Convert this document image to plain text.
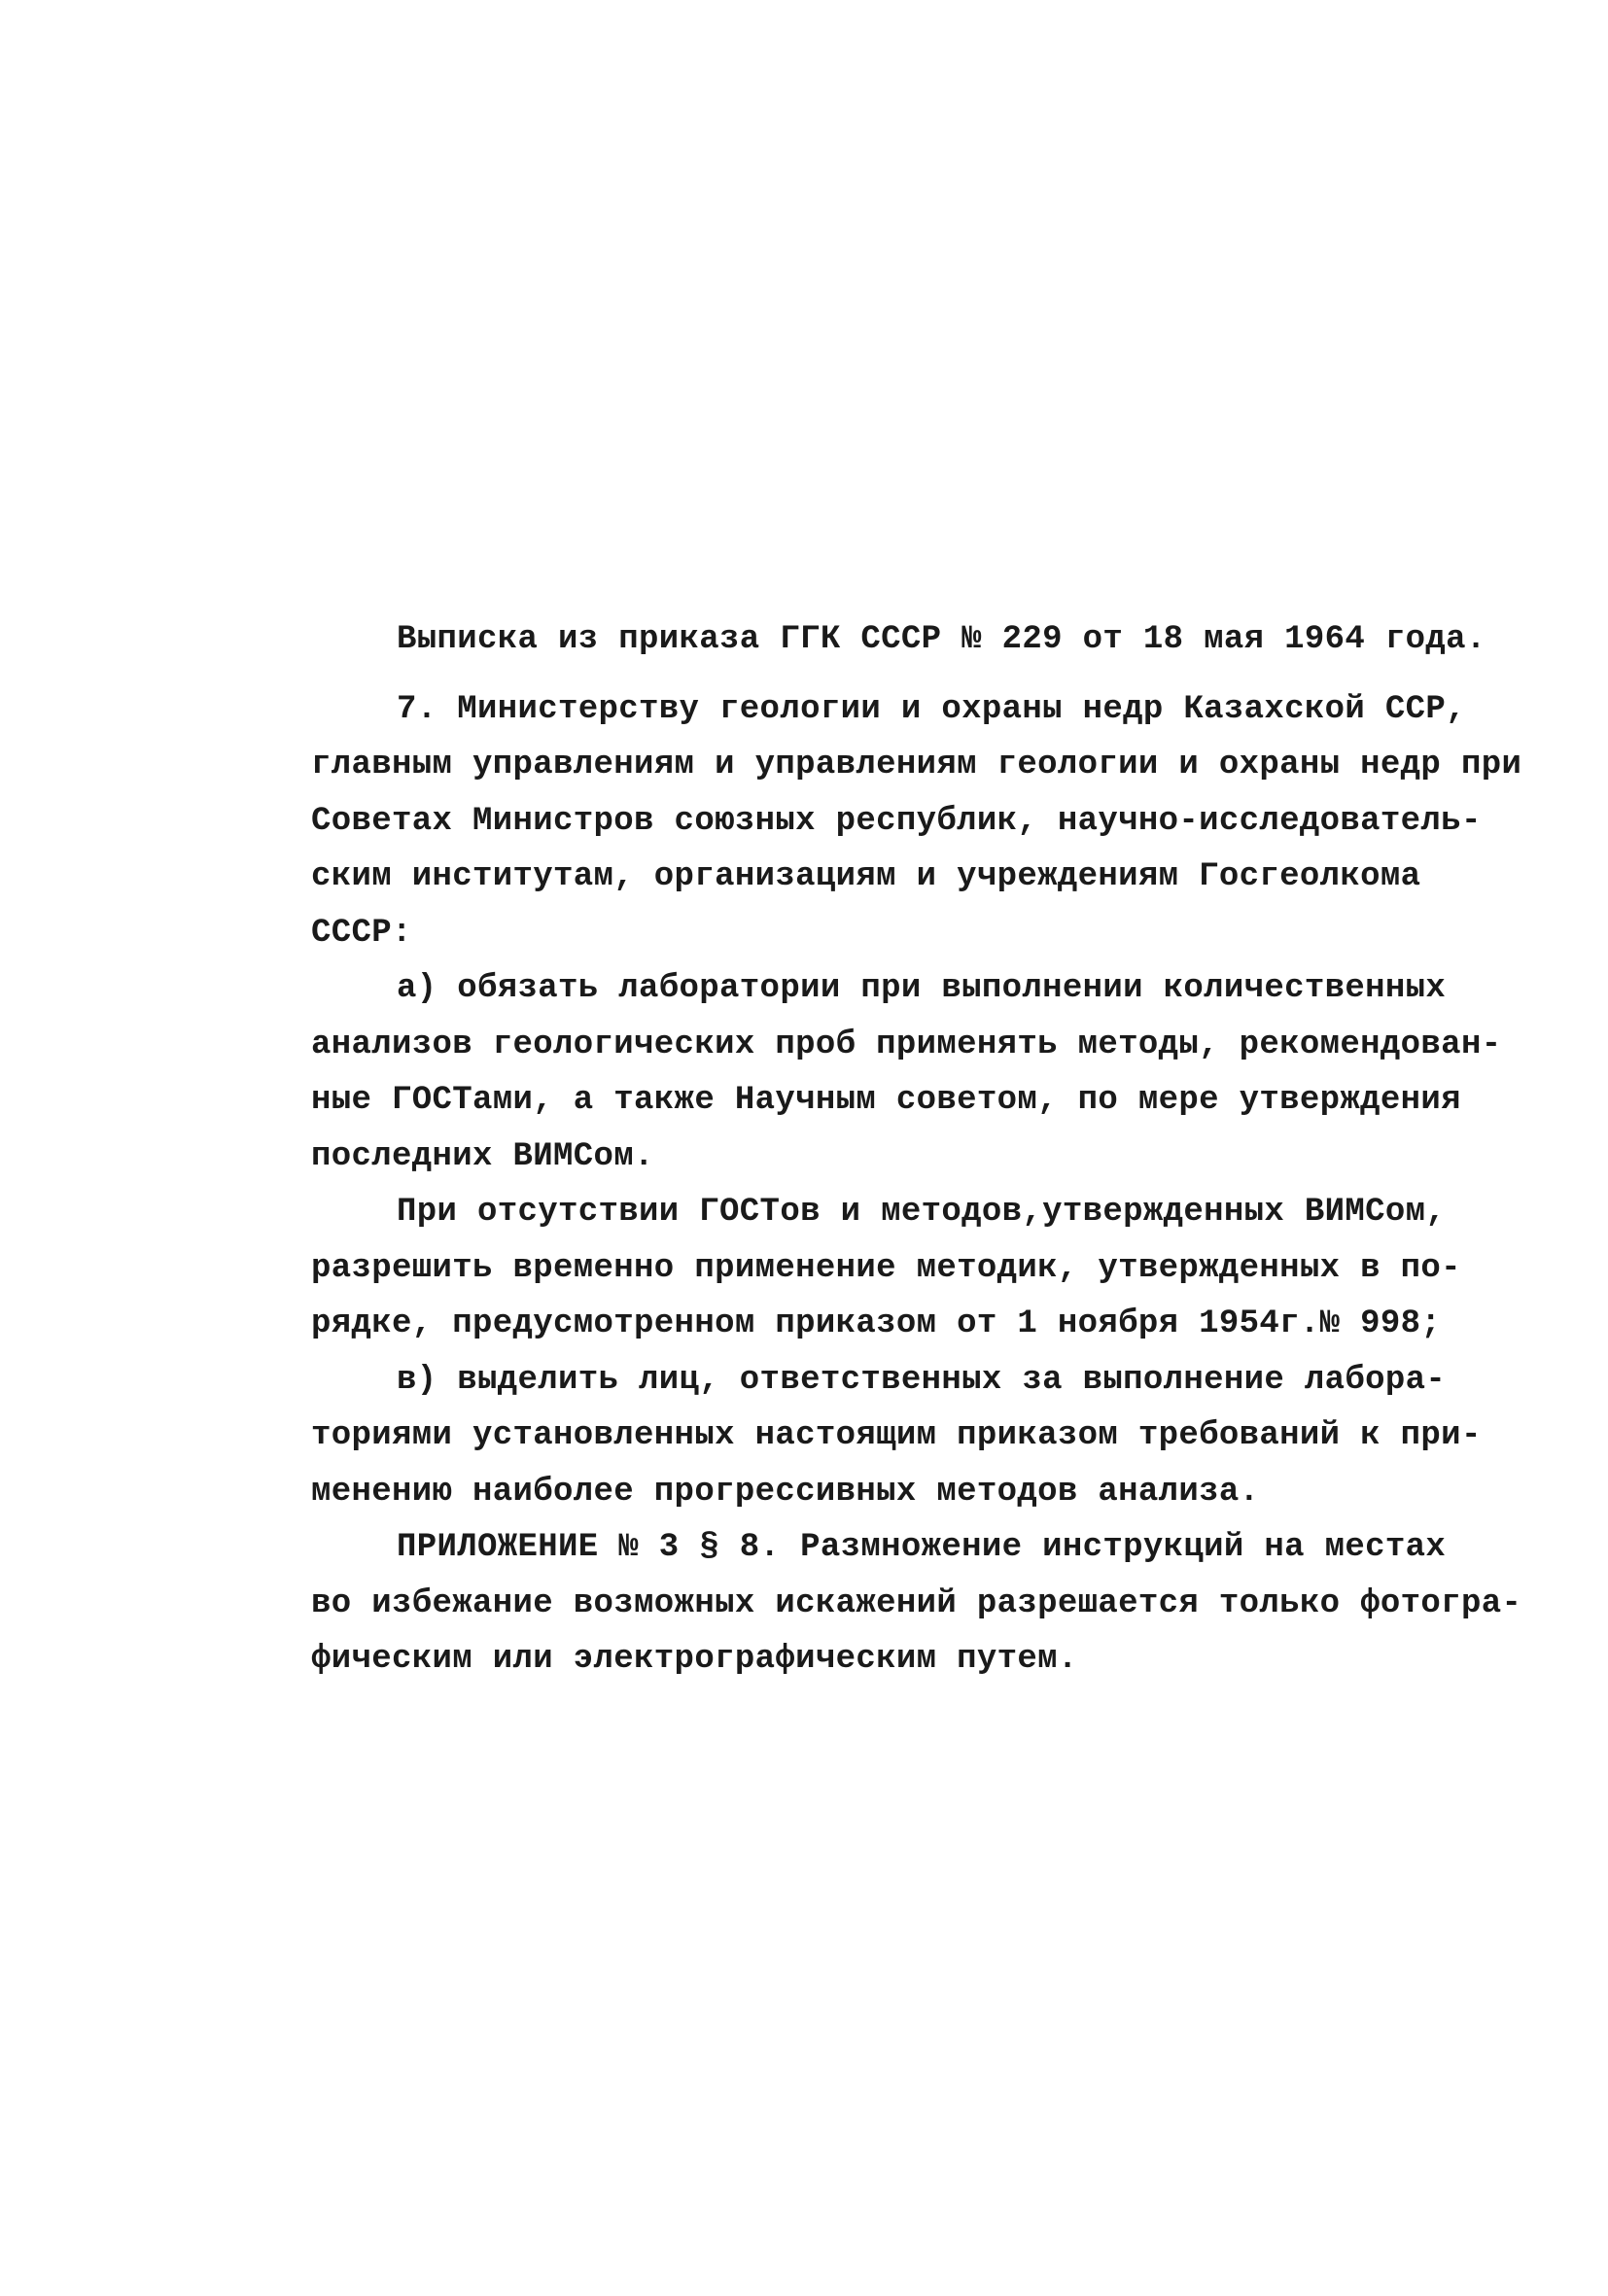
Выписка из приказа ГГК СССР № 229 от 18 мая 1964 года.
7. Министерству геологии и охраны недр Казахской ССР,
главным управлениям и управлениям геологии и охраны недр при
Советах Министров союзных республик, научно-исследователь-
ским институтам, организациям и учреждениям Госгеолкома
СССР:
а) обязать лаборатории при выполнении количественных
анализов геологических проб применять методы, рекомендован-
ные ГОСТами, а также Научным советом, по мере утверждения
последних ВИМСом.
При отсутствии ГОСТов и методов,утвержденных ВИМСом,
разрешить временно применение методик, утвержденных в по-
рядке, предусмотренном приказом от 1 ноября 1954г.№ 998;
в) выделить лиц, ответственных за выполнение лабора-
ториями установленных настоящим приказом требований к при-
менению наиболее прогрессивных методов анализа.
ПРИЛОЖЕНИЕ № 3 § 8. Размножение инструкций на местах
во избежание возможных искажений разрешается только фотогра-
фическим или электрографическим путем.
